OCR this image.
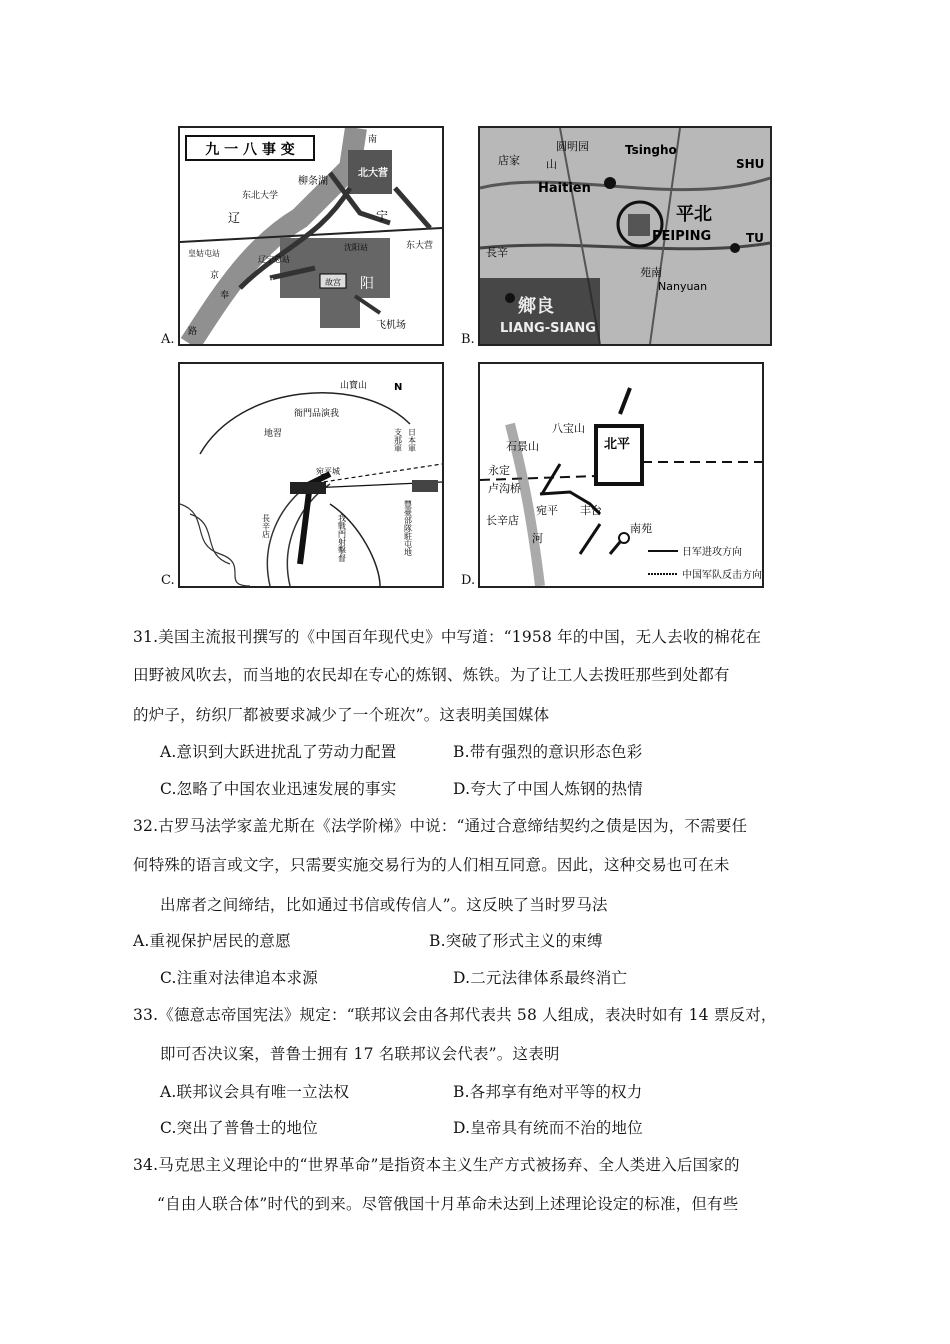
A.
九 一 八 事 变
南
柳条湖
北大营
东北大学
辽	宁
皇姑屯站
辽宁总站
沈阳站	东大营
沈	阳
故宫
飞机场
京
奉
路	B.
圆明园	Tsingho
店家 山
Haitien
平北
PEIPING
苑南
Nanyuan
鄉良
LIANG-SIANG
長辛
SHU
TU
C.
山寶山	N
日本軍
支那軍
衙門品演我
地習
宛平城
長辛店	豐臺部隊駐屯地
我戰門射擊督
D.
北平
石景山
八宝山
永定
卢沟桥
宛平 丰台
长辛店
河
南苑
日军进攻方向
中国军队反击方向
31.美国主流报刊撰写的《中国百年现代史》中写道：“1958 年的中国，无人去收的棉花在
田野被风吹去，而当地的农民却在专心的炼钢、炼铁。为了让工人去拨旺那些到处都有
的炉子，纺织厂都被要求减少了一个班次”。这表明美国媒体
A.意识到大跃进扰乱了劳动力配置	B.带有强烈的意识形态色彩
C.忽略了中国农业迅速发展的事实	D.夸大了中国人炼钢的热情
32.古罗马法学家盖尤斯在《法学阶梯》中说：“通过合意缔结契约之债是因为，不需要任
何特殊的语言或文字，只需要实施交易行为的人们相互同意。因此，这种交易也可在未
出席者之间缔结，比如通过书信或传信人”。这反映了当时罗马法
A.重视保护居民的意愿	B.突破了形式主义的束缚
C.注重对法律追本求源	D.二元法律体系最终消亡
33.《德意志帝国宪法》规定：“联邦议会由各邦代表共 58 人组成，表决时如有 14 票反对，
即可否决议案，普鲁士拥有 17 名联邦议会代表”。这表明
A.联邦议会具有唯一立法权	B.各邦享有绝对平等的权力
C.突出了普鲁士的地位	D.皇帝具有统而不治的地位
34.马克思主义理论中的“世界革命”是指资本主义生产方式被扬弃、全人类进入后国家的
“自由人联合体”时代的到来。尽管俄国十月革命未达到上述理论设定的标准，但有些
